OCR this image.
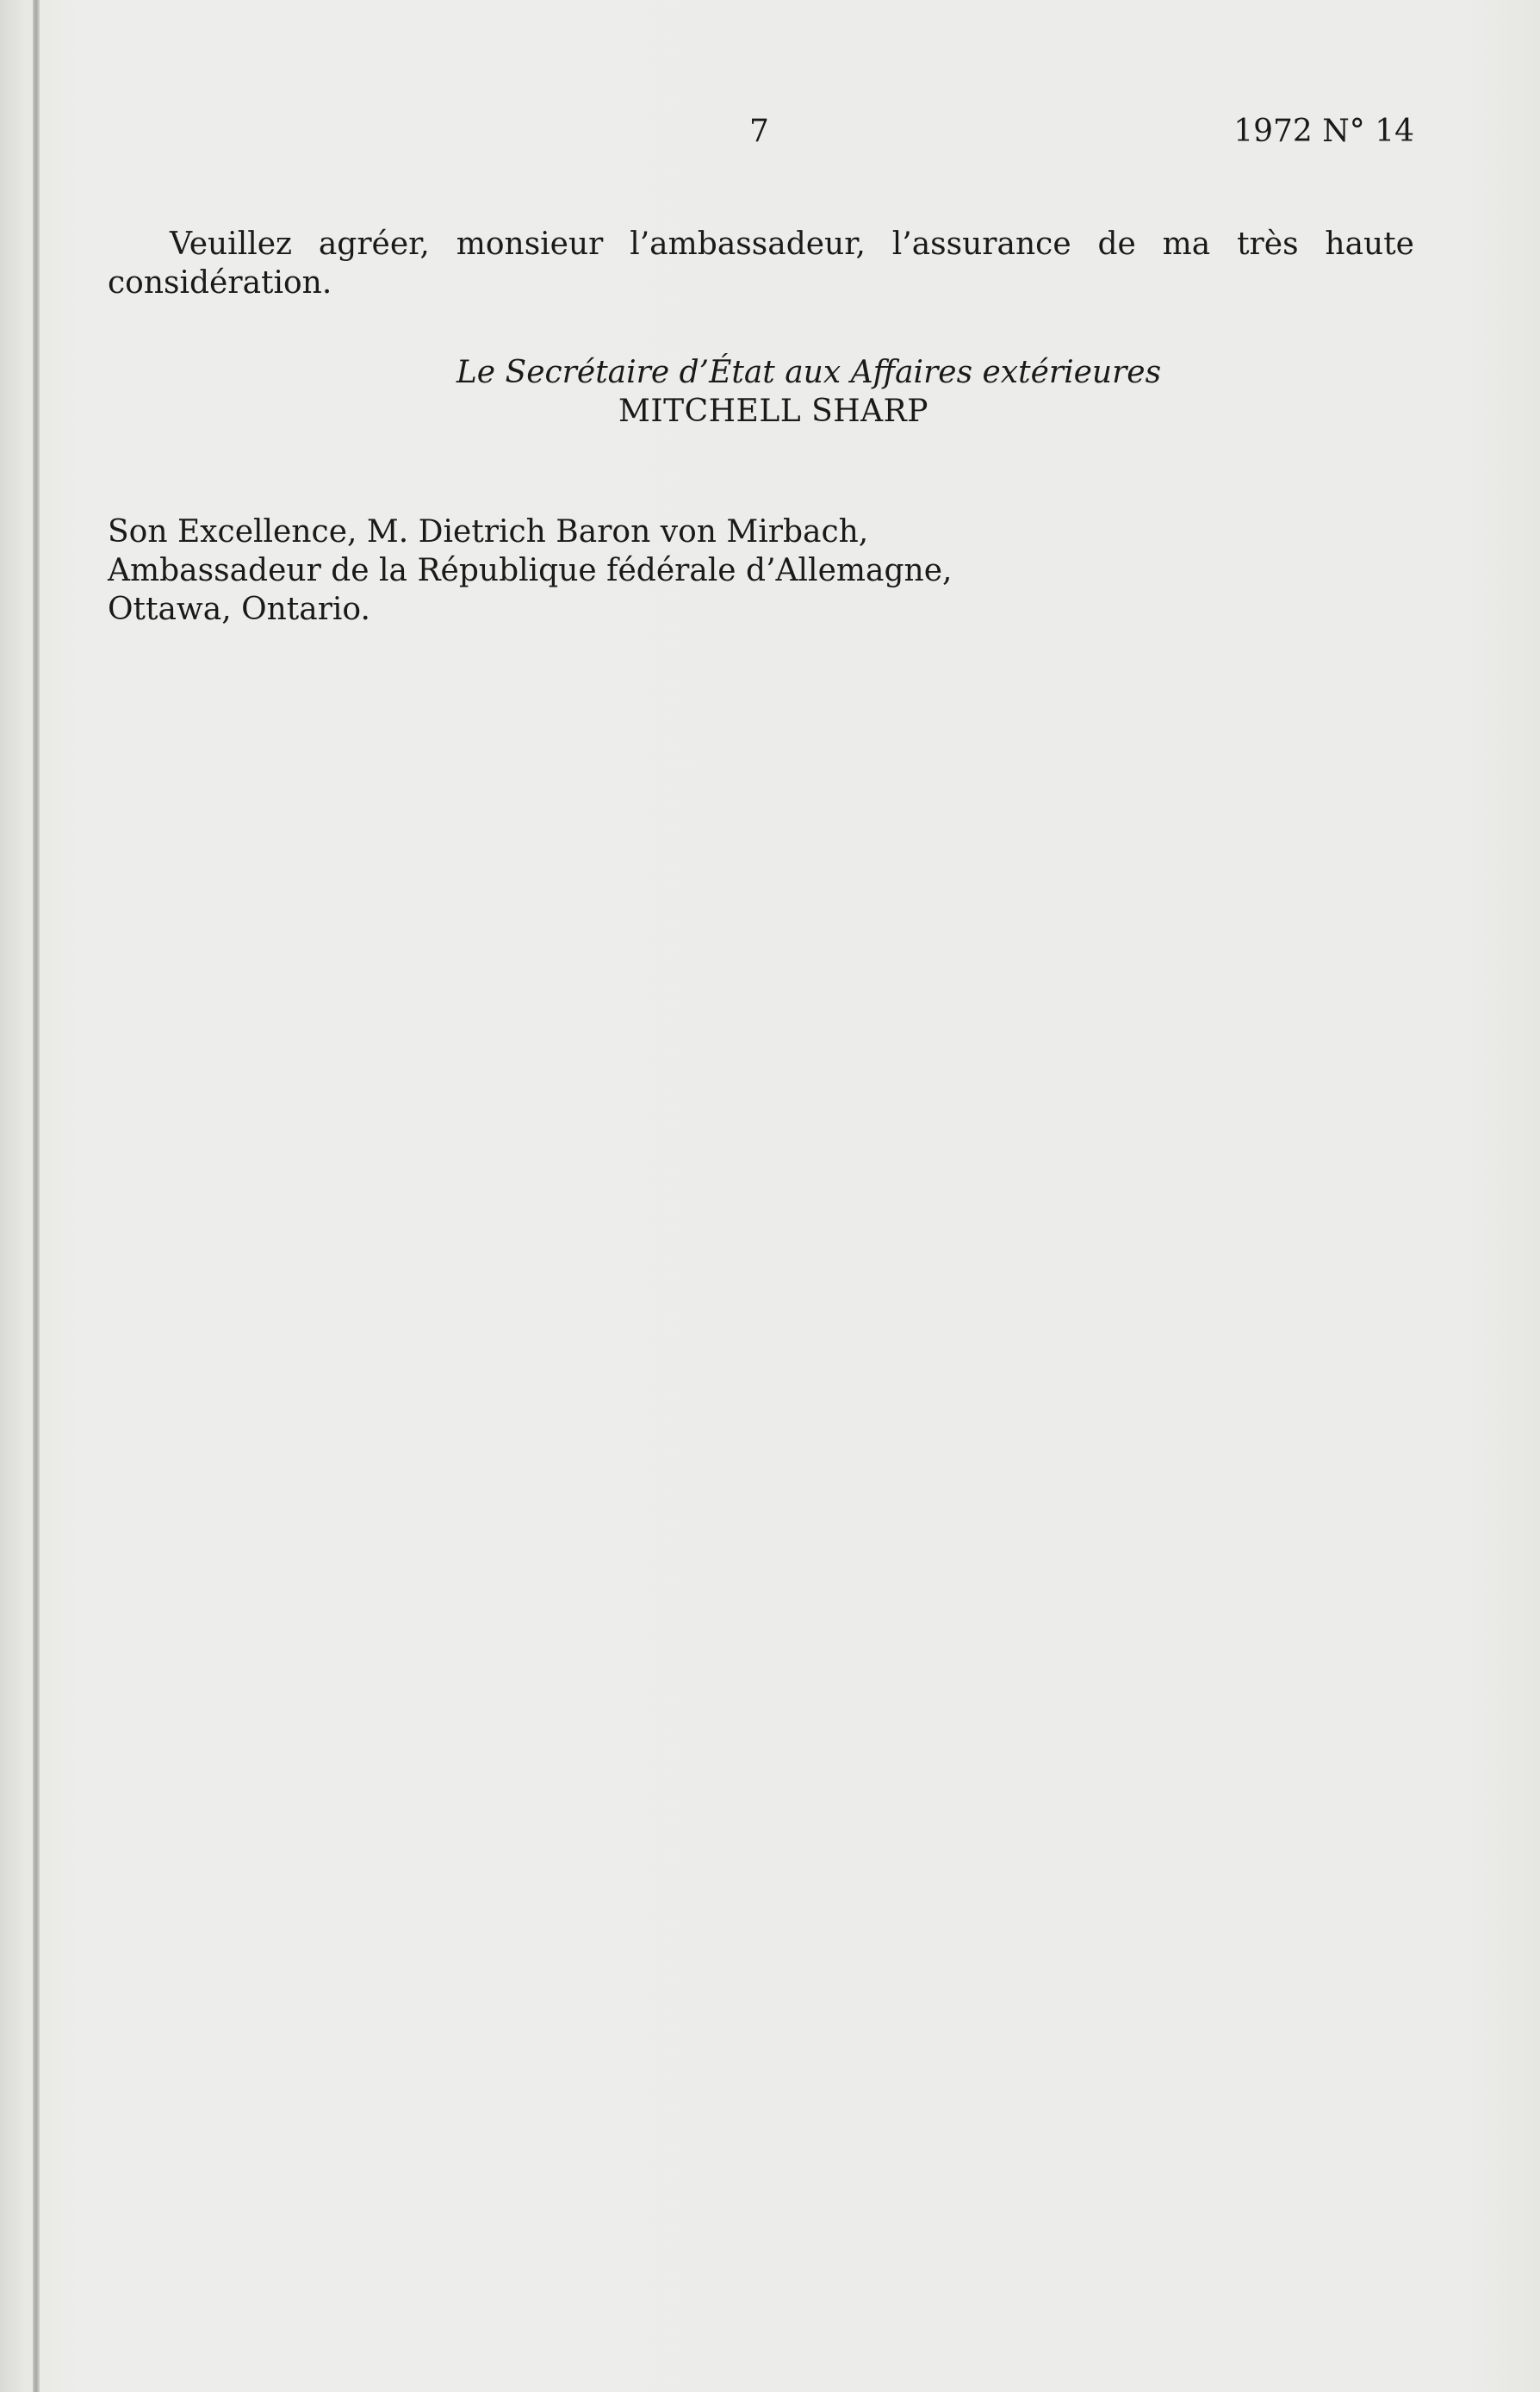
7	1972 N° 14

Veuillez agréer, monsieur l’ambassadeur, l’assurance de ma très haute considération.

Le Secrétaire d’État aux Affaires extérieures
MITCHELL SHARP
Son Excellence, M. Dietrich Baron von Mirbach,
Ambassadeur de la République fédérale d’Allemagne,
Ottawa, Ontario.
